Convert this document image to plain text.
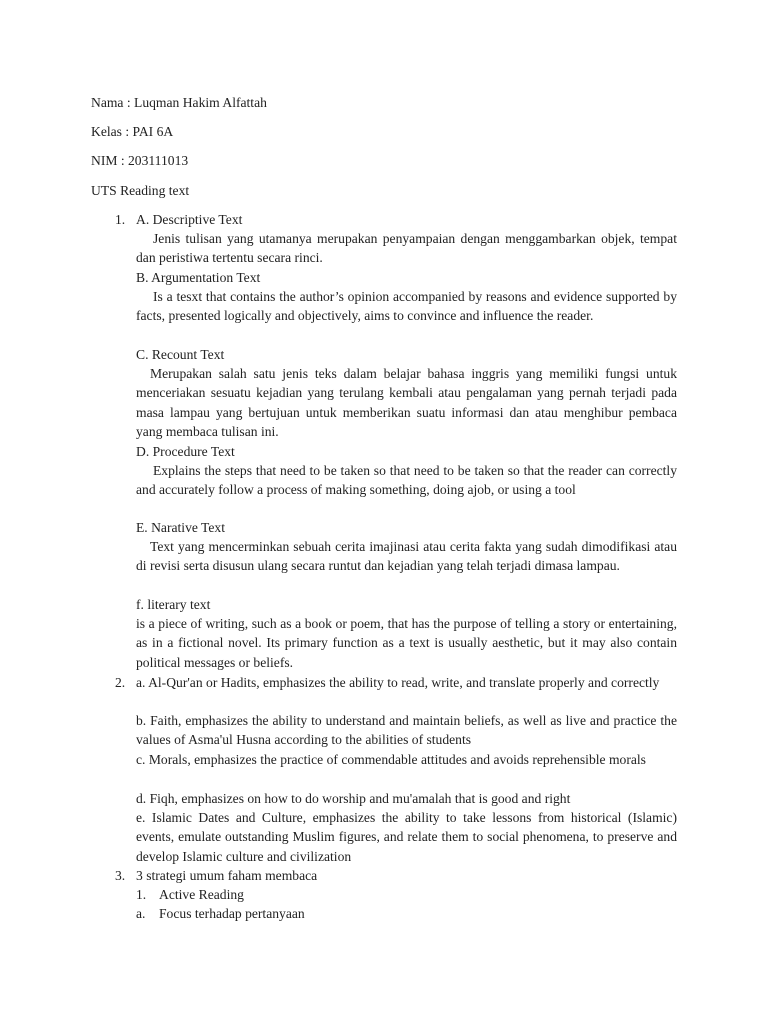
Nama : Luqman Hakim Alfattah
Kelas : PAI 6A
NIM : 203111013
UTS Reading text
1. A. Descriptive Text
Jenis tulisan yang utamanya merupakan penyampaian dengan menggambarkan objek, tempat dan peristiwa tertentu secara rinci.
B. Argumentation Text
Is a tesxt that contains the author’s opinion accompanied by reasons and evidence supported by facts, presented logically and objectively, aims to convince and influence the reader.
C. Recount Text
Merupakan salah satu jenis teks dalam belajar bahasa inggris yang memiliki fungsi untuk menceriakan sesuatu kejadian yang terulang kembali atau pengalaman yang pernah terjadi pada masa lampau yang bertujuan untuk memberikan suatu informasi dan atau menghibur pembaca yang membaca tulisan ini.
D. Procedure Text
Explains the steps that need to be taken so that need to be taken so that the reader can correctly and accurately follow a process of making something, doing ajob, or using a tool
E. Narative Text
Text yang mencerminkan sebuah cerita imajinasi atau cerita fakta yang sudah dimodifikasi atau di revisi serta disusun ulang secara runtut dan kejadian yang telah terjadi dimasa lampau.
f. literary text
is a piece of writing, such as a book or poem, that has the purpose of telling a story or entertaining, as in a fictional novel. Its primary function as a text is usually aesthetic, but it may also contain political messages or beliefs.
2. a. Al-Qur'an or Hadits, emphasizes the ability to read, write, and translate properly and correctly
b. Faith, emphasizes the ability to understand and maintain beliefs, as well as live and practice the values of Asma'ul Husna according to the abilities of students
c. Morals, emphasizes the practice of commendable attitudes and avoids reprehensible morals
d. Fiqh, emphasizes on how to do worship and mu'amalah that is good and right
e. Islamic Dates and Culture, emphasizes the ability to take lessons from historical (Islamic) events, emulate outstanding Muslim figures, and relate them to social phenomena, to preserve and develop Islamic culture and civilization
3. 3 strategi umum faham membaca
1. Active Reading
a. Focus terhadap pertanyaan
